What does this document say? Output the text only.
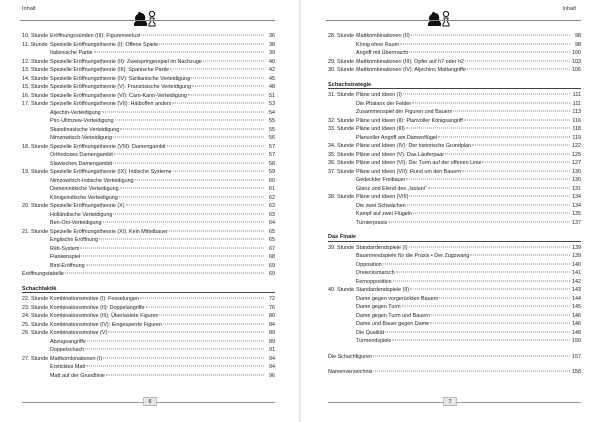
Inhalt
10. Stunde Eröffnungssünden (III): Figurenverlust	36
11. Stunde Spezielle Eröffnungstheorie (I): Offene Spiele	38
Italienische Partie	39
12. Stunde Spezielle Eröffnungstheorie (II): Zweispringerspiel im Nachzuge	40
13. Stunde Spezielle Eröffnungstheorie (III): Spanische Partie	42
14. Stunde Spezielle Eröffnungstheorie (IV): Sizilianische Verteidigung	45
15. Stunde Spezielle Eröffnungstheorie (V): Französische Verteidigung	48
16. Stunde Spezielle Eröffnungstheorie (VI): Caro-Kann-Verteidigung	51
17. Stunde Spezielle Eröffnungstheorie (VII): Halboffen anders	53
Aljechin-Verteidigung	54
Pirc-Ufimzew-Verteidigung	55
Skandinavische Verteidigung	55
Nimzowitsch-Verteidigung	56
18. Stunde Spezielle Eröffnungstheorie (VIII): Damengambit	57
Orthodoxes Damengambit	57
Slawisches Damengambit	58
19. Stunde Spezielle Eröffnungstheorie (IX): Indische Systeme	59
Nimzowitsch-Indische Verteidigung	60
Dameninidsche Verteidigung	61
Königsindische Verteidigung	62
20. Stunde Spezielle Eröffnungstheorie (X)	63
Holländische Verteidigung	63
Ben-Oni-Verteidigung	64
21. Stunde Spezielle Eröffnungstheorie (XI): Kein Mittelbauer	65
Englische Eröffnung	65
Réti-System	67
Flankenspiel	68
Bird-Eröffnung	69
Eröffnungstabelle	69
Schachtaktik
22. Stunde Kombinationsmotive (I): Fesselungen	72
23. Stunde Kombinationsmotive (II): Doppelangriffe	76
24. Stunde Kombinationsmotive (III): Überlastete Figuren	80
25. Stunde Kombinationsmotive (IV): Eingesperrte Figuren	84
26. Stunde Kombinationsmotive (V)	89
Abzugsangriffe	89
Doppelschach	91
27. Stunde Mattkombinationen (I)	94
Ersticktes Matt	94
Matt auf der Grundlinie	96
6
Inhalt
28. Stunde Mattkombinationen (II)	98
König ohne Raum	98
Angriff mit Übermacht	100
29. Stunde Mattkombinationen (III): Opfer auf h7 oder h2	103
30. Stunde Mattkombinationen (IV): Aljechins Mattangriffe	106
Schachstrategie
31. Stunde Pläne und Ideen (I)	111
Die Phalanx der Felder	111
Zusammenspiel der Figuren und Bauern	113
32. Stunde Pläne und Ideen (II): Planvoller Königsangriff	116
33. Stunde Pläne und Ideen (III)	118
Planvoller Angriff am Damenflügel	119
34. Stunde Pläne und Ideen (IV): Der historische Grundplan	122
35. Stunde Pläne und Ideen (V): Das Läuferpaar	125
36. Stunde Pläne und Ideen (VI): Der Turm auf der offenen Linie	127
37. Stunde Pläne und Ideen (VII): Rund um den Bauern	130
Gedeckter Freibauer	130
Glanz und Elend des „Isolani“	131
38. Stunde Pläne und Ideen (VIII)	134
Die zwei Schwächen	134
Kampf auf zwei Flügeln	135
Turnierpraxis	137
Das Finale
39. Stunde Standardendspiele (I)	139
Bauernendspiele für die Praxis • Der Zugzwang	139
Opposition	140
Dreiecksmarsch	141
Fernopposition	142
40. Stunde Standardendspiele (II)	143
Dame gegen vorgerückten Bauern	144
Dame gegen Turm	145
Dame gegen Turm und Bauern	146
Dame und Bauer gegen Dame	146
Die Qualität	148
Turmendspiele	150
Die Schachfiguren	157
Namenverzeichnis	158
7
